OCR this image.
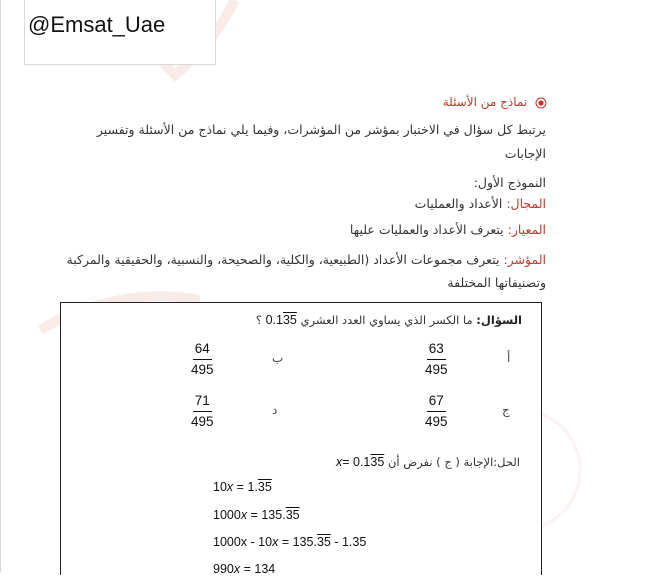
@Emsat_Uae
نماذج من الأسئلة
يرتبط كل سؤال في الاختبار بمؤشر من المؤشرات، وفيما يلي نماذج من الأسئلة وتفسير الإجابات
النموذج الأول:
المجال: الأعداد والعمليات
المعيار: يتعرف الأعداد والعمليات عليها
المؤشر: يتعرف مجموعات الأعداد (الطبيعية، والكلية، والصحيحة، والنسبية، والحقيقية والمركبة وتصنيفاتها المختلفة
السؤال: ما الكسر الذي يساوي العدد العشري 0.135 ؟
أ
$\frac{63}{495}$
ب
$\frac{64}{495}$
ج
$\frac{67}{495}$
د
$\frac{71}{495}$
الحل:الإجابة ( ج ) نفرض أن x= 0.135
10x = 1.35
1000x = 135.35
1000x - 10x = 135.35 - 1.35
990x = 134
